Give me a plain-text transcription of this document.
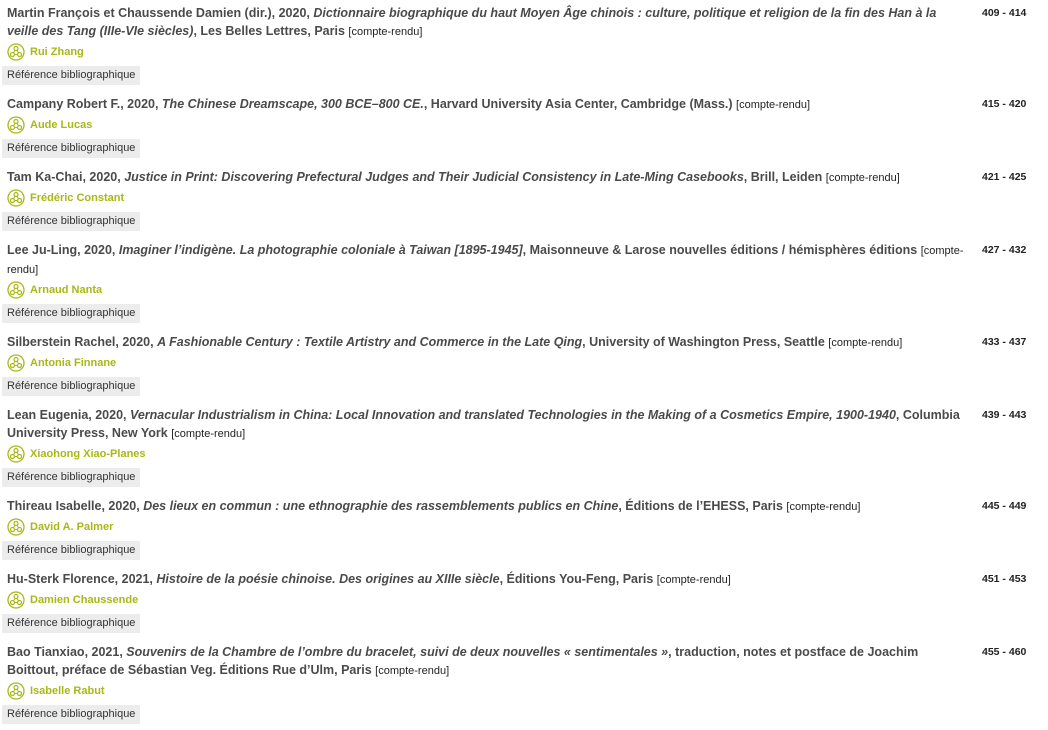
Martin François et Chaussende Damien (dir.), 2020, Dictionnaire biographique du haut Moyen Âge chinois : culture, politique et religion de la fin des Han à la veille des Tang (IIIe-VIe siècles), Les Belles Lettres, Paris [compte-rendu]
409 - 414
Rui Zhang
Référence bibliographique
Campany Robert F., 2020, The Chinese Dreamscape, 300 BCE–800 CE., Harvard University Asia Center, Cambridge (Mass.) [compte-rendu]	415 - 420
Aude Lucas
Référence bibliographique
Tam Ka-Chai, 2020, Justice in Print: Discovering Prefectural Judges and Their Judicial Consistency in Late-Ming Casebooks, Brill, Leiden [compte-rendu]	421 - 425
Frédéric Constant
Référence bibliographique
Lee Ju-Ling, 2020, Imaginer l’indigène. La photographie coloniale à Taiwan [1895-1945], Maisonneuve & Larose nouvelles éditions / hémisphères éditions [compte-rendu]
427 - 432
Arnaud Nanta
Référence bibliographique
Silberstein Rachel, 2020, A Fashionable Century : Textile Artistry and Commerce in the Late Qing, University of Washington Press, Seattle [compte-rendu]	433 - 437
Antonia Finnane
Référence bibliographique
Lean Eugenia, 2020, Vernacular Industrialism in China: Local Innovation and translated Technologies in the Making of a Cosmetics Empire, 1900-1940, Columbia University Press, New York [compte-rendu]
439 - 443
Xiaohong Xiao-Planes
Référence bibliographique
Thireau Isabelle, 2020, Des lieux en commun : une ethnographie des rassemblements publics en Chine, Éditions de l’EHESS, Paris [compte-rendu]	445 - 449
David A. Palmer
Référence bibliographique
Hu-Sterk Florence, 2021, Histoire de la poésie chinoise. Des origines au XIIIe siècle, Éditions You-Feng, Paris [compte-rendu]	451 - 453
Damien Chaussende
Référence bibliographique
Bao Tianxiao, 2021, Souvenirs de la Chambre de l’ombre du bracelet, suivi de deux nouvelles « sentimentales », traduction, notes et postface de Joachim Boittout, préface de Sébastian Veg. Éditions Rue d’Ulm, Paris [compte-rendu]
455 - 460
Isabelle Rabut
Référence bibliographique
